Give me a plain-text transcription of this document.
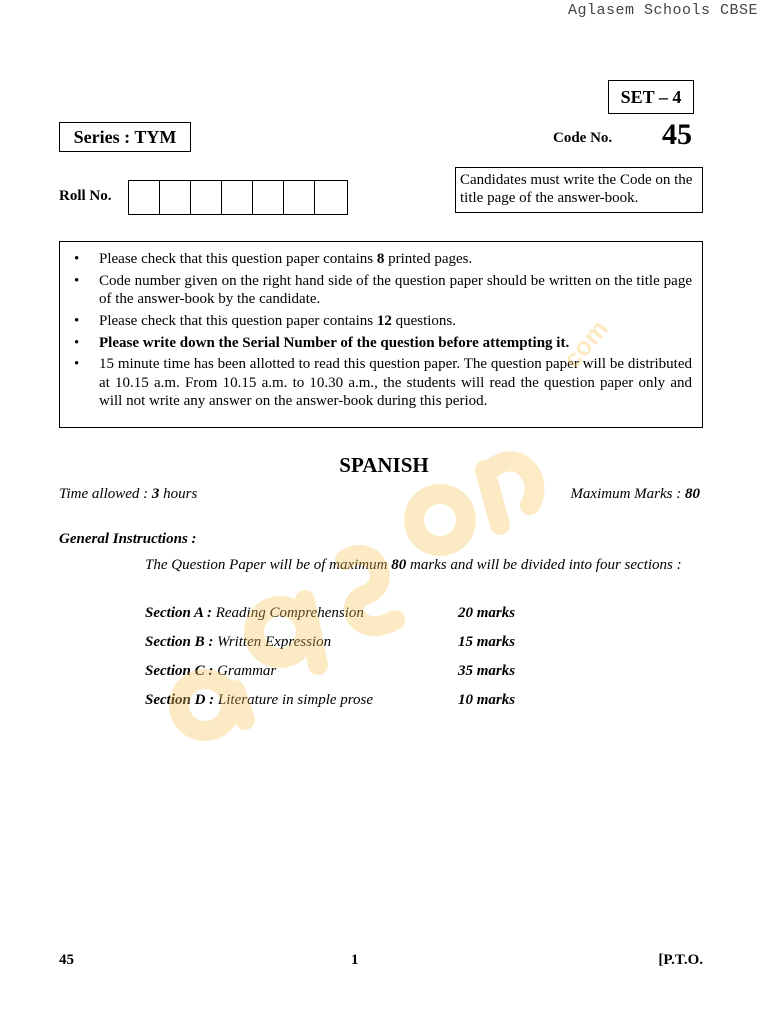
Aglasem Schools CBSE
SET – 4
Series : TYM	Code No. 45
Roll No.
Candidates must write the Code on the title page of the answer-book.
• Please check that this question paper contains 8 printed pages.
• Code number given on the right hand side of the question paper should be written on the title page of the answer-book by the candidate.
• Please check that this question paper contains 12 questions.
• Please write down the Serial Number of the question before attempting it.
• 15 minute time has been allotted to read this question paper. The question paper will be distributed at 10.15 a.m. From 10.15 a.m. to 10.30 a.m., the students will read the question paper only and will not write any answer on the answer-book during this period.
SPANISH
Time allowed : 3 hours	Maximum Marks : 80
General Instructions :
The Question Paper will be of maximum 80 marks and will be divided into four sections :
Section A : Reading Comprehension	20 marks
Section B : Written Expression	15 marks
Section C : Grammar	35 marks
Section D : Literature in simple prose	10 marks
45	1	[P.T.O.
com
